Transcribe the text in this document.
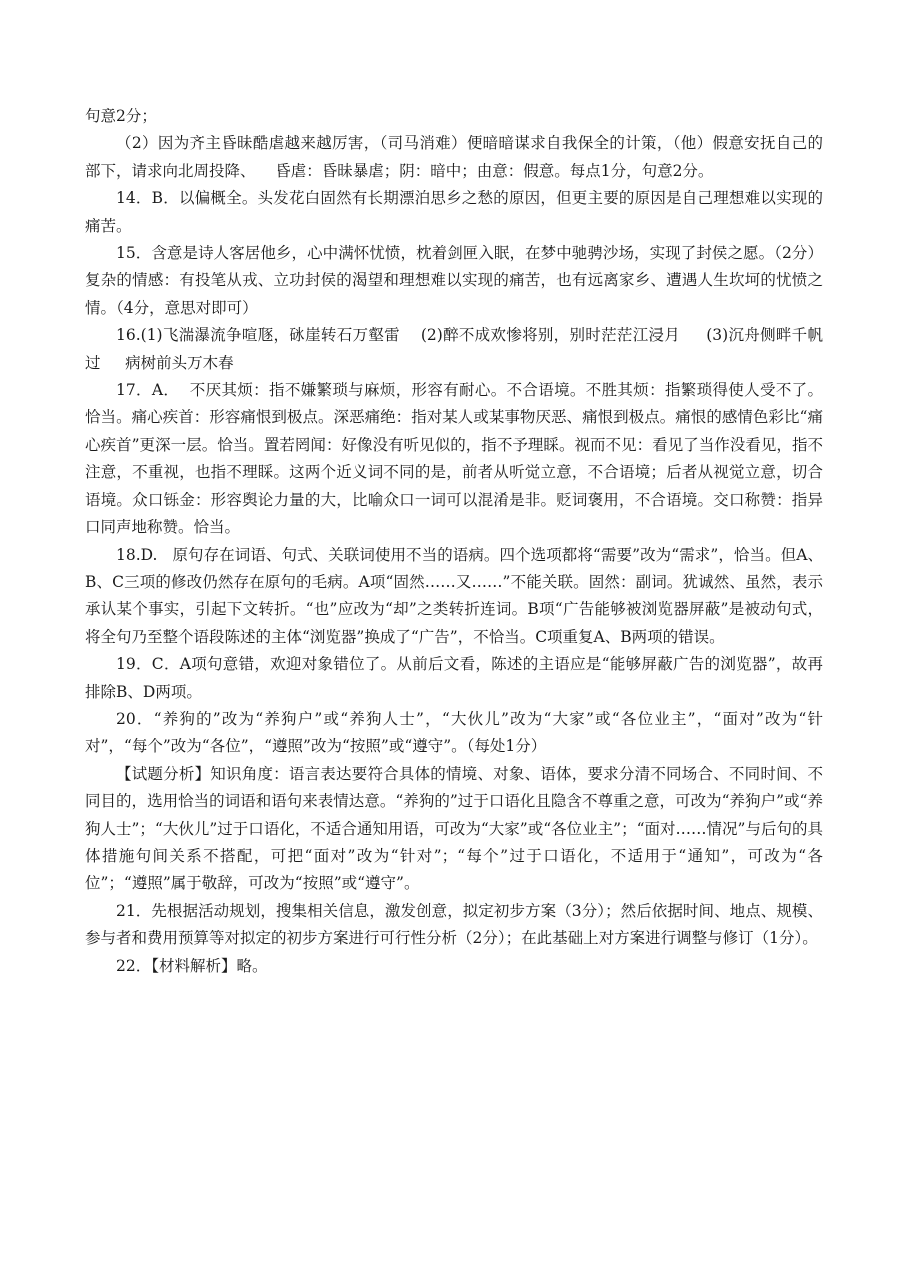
句意2分；

（2）因为齐主昏昧酷虐越来越厉害，（司马消难）便暗暗谋求自我保全的计策，（他）假意安抚自己的部下，请求向北周投降、    昏虐：昏昧暴虐；阴：暗中；由意：假意。每点1分，句意2分。

14．B．以偏概全。头发花白固然有长期漂泊思乡之愁的原因，但更主要的原因是自己理想难以实现的痛苦。

15．含意是诗人客居他乡，心中满怀忧愤，枕着剑匣入眠，在梦中驰骋沙场，实现了封侯之愿。（2分）复杂的情感：有投笔从戎、立功封侯的渴望和理想难以实现的痛苦，也有远离家乡、遭遇人生坎坷的忧愤之情。（4分，意思对即可）

16.(1)飞湍瀑流争喧豗，砯崖转石万壑雷    (2)醉不成欢惨将别，别时茫茫江浸月     (3)沉舟侧畔千帆过     病树前头万木春

17．A．  不厌其烦：指不嫌繁琐与麻烦，形容有耐心。不合语境。不胜其烦：指繁琐得使人受不了。恰当。痛心疾首：形容痛恨到极点。深恶痛绝：指对某人或某事物厌恶、痛恨到极点。痛恨的感情色彩比“痛心疾首”更深一层。恰当。置若罔闻：好像没有听见似的，指不予理睬。视而不见：看见了当作没看见，指不注意，不重视，也指不理睬。这两个近义词不同的是，前者从听觉立意，不合语境；后者从视觉立意，切合语境。众口铄金：形容舆论力量的大，比喻众口一词可以混淆是非。贬词褒用，不合语境。交口称赞：指异口同声地称赞。恰当。

18.D.   原句存在词语、句式、关联词使用不当的语病。四个选项都将“需要”改为“需求”，恰当。但A、B、C三项的修改仍然存在原句的毛病。A项“固然……又……”不能关联。固然：副词。犹诚然、虽然，表示承认某个事实，引起下文转折。“也”应改为“却”之类转折连词。B项“广告能够被浏览器屏蔽”是被动句式，将全句乃至整个语段陈述的主体“浏览器”换成了“广告”，不恰当。C项重复A、B两项的错误。

19．C．A项句意错，欢迎对象错位了。从前后文看，陈述的主语应是“能够屏蔽广告的浏览器”，故再排除B、D两项。

20．“养狗的”改为“养狗户”或“养狗人士”，“大伙儿”改为“大家”或“各位业主”，“面对”改为“针对”，“每个”改为“各位”，“遵照”改为“按照”或“遵守”。（每处1分）

【试题分析】知识角度：语言表达要符合具体的情境、对象、语体，要求分清不同场合、不同时间、不同目的，选用恰当的词语和语句来表情达意。“养狗的”过于口语化且隐含不尊重之意，可改为“养狗户”或“养狗人士”；“大伙儿”过于口语化，不适合通知用语，可改为“大家”或“各位业主”；“面对……情况”与后句的具体措施句间关系不搭配，可把“面对”改为“针对”；“每个”过于口语化，不适用于“通知”，可改为“各位”；“遵照”属于敬辞，可改为“按照”或“遵守”。

21．先根据活动规划，搜集相关信息，激发创意，拟定初步方案（3分）；然后依据时间、地点、规模、参与者和费用预算等对拟定的初步方案进行可行性分析（2分）；在此基础上对方案进行调整与修订（1分）。

22．【材料解析】略。
